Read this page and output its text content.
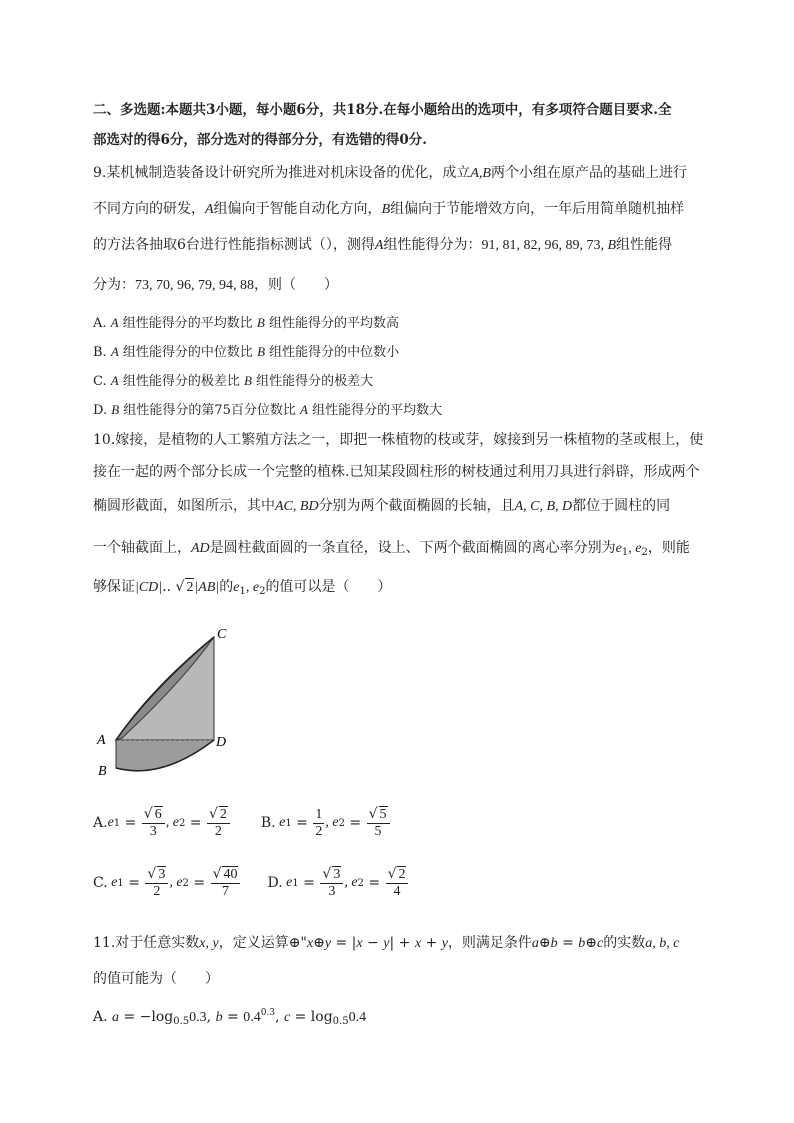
二、多选题:本题共3小题，每小题6分，共18分.在每小题给出的选项中，有多项符合题目要求.全
部选对的得6分，部分选对的得部分分，有选错的得0分.
9.某机械制造装备设计研究所为推进对机床设备的优化，成立A,B两个小组在原产品的基础上进行
不同方向的研发，A组偏向于智能自动化方向，B组偏向于节能增效方向，一年后用简单随机抽样
的方法各抽取6台进行性能指标测试（），测得A组性能得分为：91, 81, 82, 96, 89, 73, B组性能得
分为：73, 70, 96, 79, 94, 88，则（　　）
A. A 组性能得分的平均数比 B 组性能得分的平均数高
B. A 组性能得分的中位数比 B 组性能得分的中位数小
C. A 组性能得分的极差比 B 组性能得分的极差大
D. B 组性能得分的第75百分位数比 A 组性能得分的平均数大
10.嫁接，是植物的人工繁殖方法之一，即把一株植物的枝或芽，嫁接到另一株植物的茎或根上，使
接在一起的两个部分长成一个完整的植株.已知某段圆柱形的树枝通过利用刀具进行斜辟，形成两个
椭圆形截面，如图所示，其中AC, BD分别为两个截面椭圆的长轴，且A, C, B, D都位于圆柱的同
一个轴截面上，AD是圆柱截面圆的一条直径，设上、下两个截面椭圆的离心率分别为$e_1$, $e_2$，则能
够保证|CD|.. √ 2|AB|的$e_1$, $e_2$的值可以是（　　）
C
A	D
B
A. e $1 = \frac{√ 6}{3}$ , e $2 = \frac{√ 2}{2} B$. e $1 = \frac{1}{2}$ , e $2 = \frac{√ 5}{5}$
C. e $1 = \frac{√ 3}{2}$ , e $2 = \frac{√ 40}{7} D$. e $1 = \frac{√ 3}{3}$ , e $2 = \frac{√ 2}{4}$
11.对于任意实数x, y，定义运算⊕"x⊕y = |x − y| + x + y，则满足条件a⊕b = b⊕c的实数a, b, c
的值可能为（　　）
A. $a = -\log_{0.5}0.3$, $b = 0.4^{0.3}$, $c = \log_{0.5}0.4$
